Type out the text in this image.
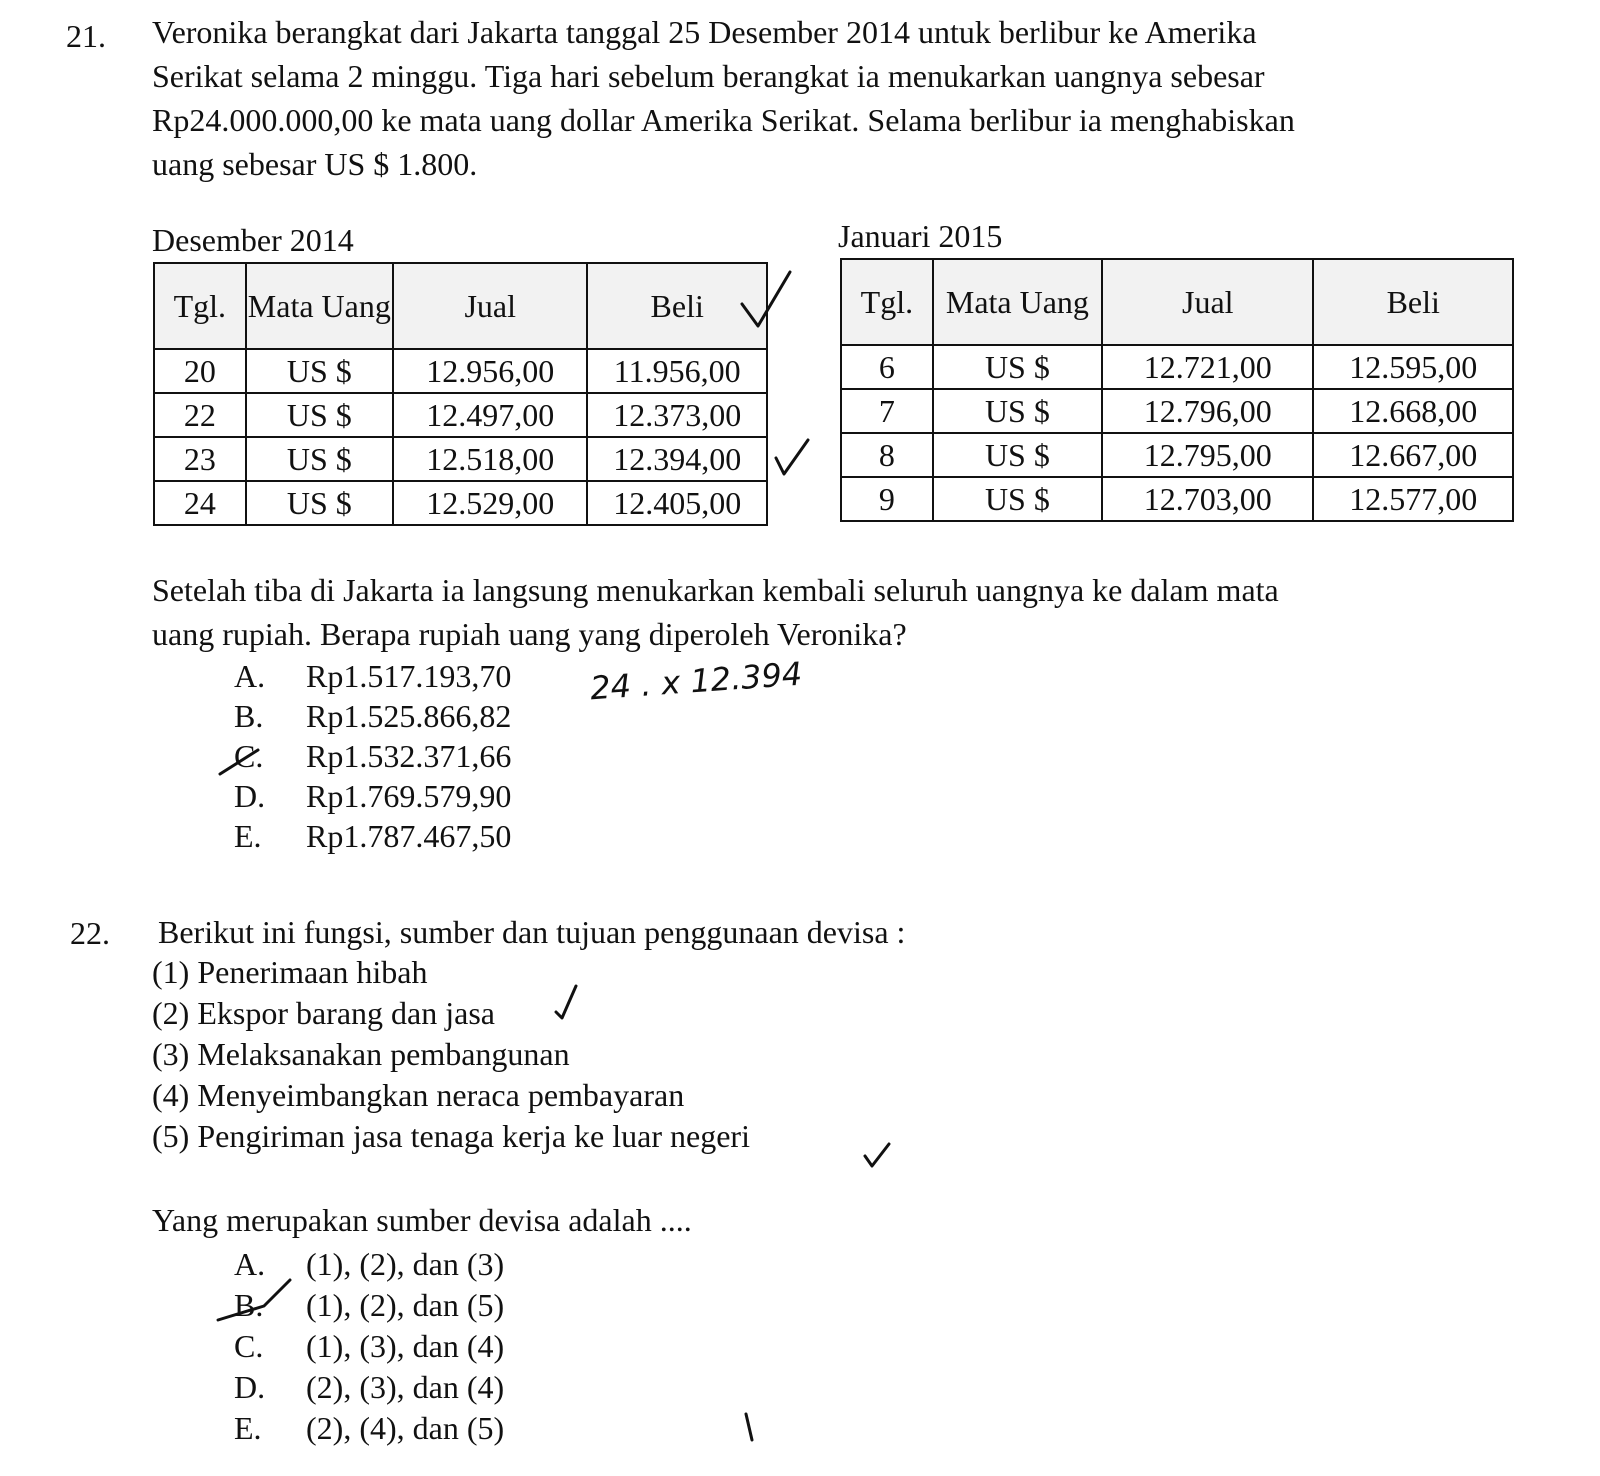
21. Veronika berangkat dari Jakarta tanggal 25 Desember 2014 untuk berlibur ke Amerika

Serikat selama 2 minggu. Tiga hari sebelum berangkat ia menukarkan uangnya sebesar

Rp24.000.000,00 ke mata uang dollar Amerika Serikat. Selama berlibur ia menghabiskan

uang sebesar US $ 1.800.

Desember 2014
Tgl.	Mata Uang	Jual	Beli
20	US $	12.956,00	11.956,00
22	US $	12.497,00	12.373,00
23	US $	12.518,00	12.394,00
24	US $	12.529,00	12.405,00
Januari 2015
Tgl.	Mata Uang	Jual	Beli
6	US $	12.721,00	12.595,00
7	US $	12.796,00	12.668,00
8	US $	12.795,00	12.667,00
9	US $	12.703,00	12.577,00

Setelah tiba di Jakarta ia langsung menukarkan kembali seluruh uangnya ke dalam mata

uang rupiah. Berapa rupiah uang yang diperoleh Veronika?

A. Rp1.517.193,70
B. Rp1.525.866,82
C. Rp1.532.371,66
D. Rp1.769.579,90
E. Rp1.787.467,50
24 . x 12.394
22. Berikut ini fungsi, sumber dan tujuan penggunaan devisa :
(1) Penerimaan hibah
(2) Ekspor barang dan jasa
(3) Melaksanakan pembangunan
(4) Menyeimbangkan neraca pembayaran
(5) Pengiriman jasa tenaga kerja ke luar negeri
Yang merupakan sumber devisa adalah ....
A. (1), (2), dan (3)
B. (1), (2), dan (5)
C. (1), (3), dan (4)
D. (2), (3), dan (4)
E. (2), (4), dan (5)
